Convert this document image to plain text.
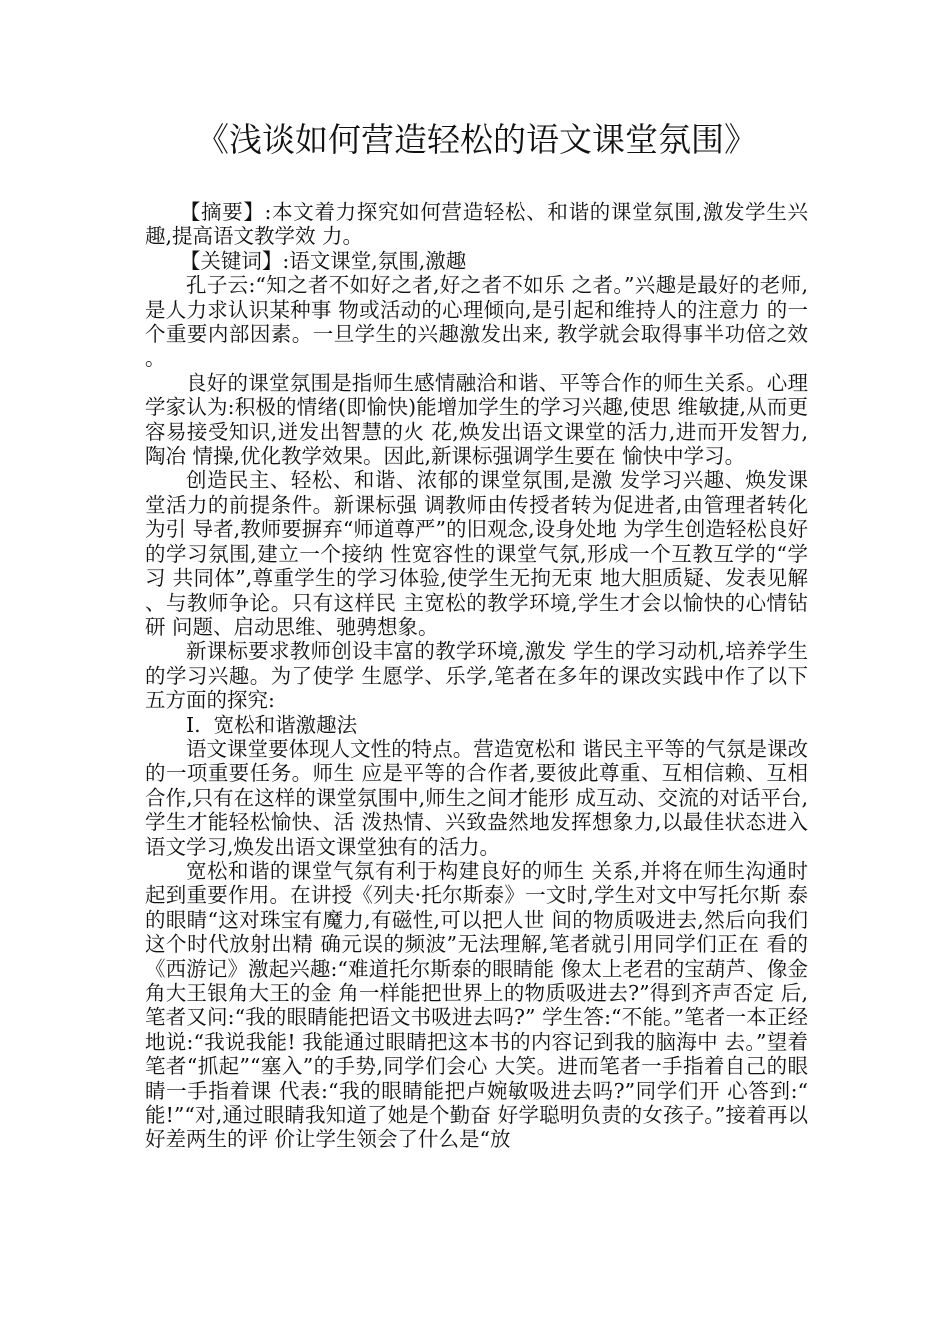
《浅谈如何营造轻松的语文课堂氛围》

【摘要】:本文着力探究如何营造轻松、和谐的课堂氛围,激发学生兴趣,提高语文教学效 力。

【关键词】:语文课堂,氛围,激趣

孔子云:“知之者不如好之者,好之者不如乐 之者。”兴趣是最好的老师,是人力求认识某种事 物或活动的心理倾向,是引起和维持人的注意力 的一个重要内部因素。一旦学生的兴趣激发出来, 教学就会取得事半功倍之效。

良好的课堂氛围是指师生感情融洽和谐、平等合作的师生关系。心理学家认为:积极的情绪(即愉快)能增加学生的学习兴趣,使思 维敏捷,从而更容易接受知识,迸发出智慧的火 花,焕发出语文课堂的活力,进而开发智力,陶冶 情操,优化教学效果。因此,新课标强调学生要在 愉快中学习。

创造民主、轻松、和谐、浓郁的课堂氛围,是激 发学习兴趣、焕发课堂活力的前提条件。新课标强 调教师由传授者转为促进者,由管理者转化为引 导者,教师要摒弃“师道尊严”的旧观念,设身处地 为学生创造轻松良好的学习氛围,建立一个接纳 性宽容性的课堂气氛,形成一个互教互学的“学习 共同体”,尊重学生的学习体验,使学生无拘无束 地大胆质疑、发表见解、与教师争论。只有这样民 主宽松的教学环境,学生才会以愉快的心情钻研 问题、启动思维、驰骋想象。

新课标要求教师创设丰富的教学环境,激发 学生的学习动机,培养学生的学习兴趣。为了使学 生愿学、乐学,笔者在多年的课改实践中作了以下 五方面的探究:

I.  宽松和谐激趣法

语文课堂要体现人文性的特点。营造宽松和 谐民主平等的气氛是课改的一项重要任务。师生 应是平等的合作者,要彼此尊重、互相信赖、互相 合作,只有在这样的课堂氛围中,师生之间才能形 成互动、交流的对话平台,学生才能轻松愉快、活 泼热情、兴致盎然地发挥想象力,以最佳状态进入 语文学习,焕发出语文课堂独有的活力。

宽松和谐的课堂气氛有利于构建良好的师生 关系,并将在师生沟通时起到重要作用。在讲授《列夫·托尔斯泰》一文时,学生对文中写托尔斯 泰的眼睛“这对珠宝有魔力,有磁性,可以把人世 间的物质吸进去,然后向我们这个时代放射出精 确元误的频波”无法理解,笔者就引用同学们正在 看的《西游记》激起兴趣:“难道托尔斯泰的眼睛能 像太上老君的宝葫芦、像金角大王银角大王的金 角一样能把世界上的物质吸进去?”得到齐声否定 后,笔者又问:“我的眼睛能把语文书吸进去吗?” 学生答:“不能。”笔者一本正经地说:“我说我能! 我能通过眼睛把这本书的内容记到我的脑海中 去。”望着笔者“抓起”“塞入”的手势,同学们会心 大笑。进而笔者一手指着自己的眼睛一手指着课 代表:“我的眼睛能把卢婉敏吸进去吗?”同学们开 心答到:“能!”“对,通过眼睛我知道了她是个勤奋 好学聪明负责的女孩子。”接着再以好差两生的评 价让学生领会了什么是“放
